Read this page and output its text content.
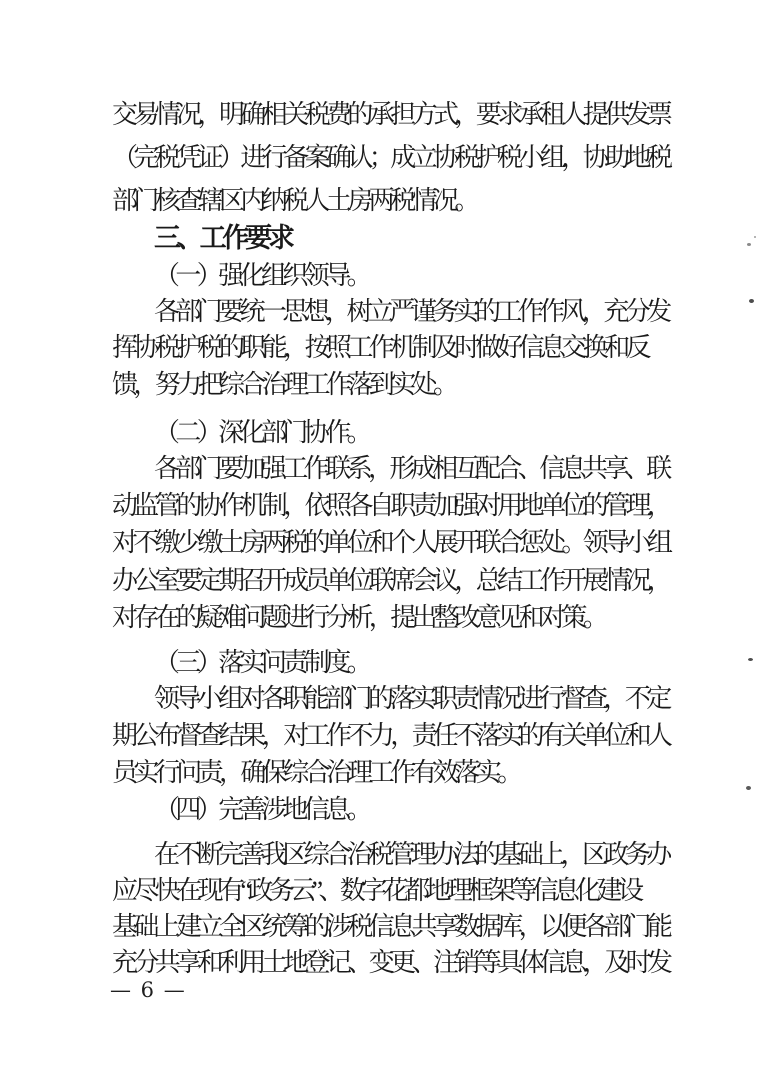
交易情况，明确相关税费的承担方式，要求承租人提供发票
（完税凭证）进行备案确认；成立协税护税小组，协助地税
部门核查辖区内纳税人土房两税情况。
三、工作要求
（一）强化组织领导。
各部门要统一思想，树立严谨务实的工作作风，充分发
挥协税护税的职能，按照工作机制及时做好信息交换和反
馈，努力把综合治理工作落到实处。
（二）深化部门协作。
各部门要加强工作联系，形成相互配合、信息共享、联
动监管的协作机制，依照各自职责加强对用地单位的管理，
对不缴少缴土房两税的单位和个人展开联合惩处。领导小组
办公室要定期召开成员单位联席会议，总结工作开展情况，
对存在的疑难问题进行分析，提出整改意见和对策。
（三）落实问责制度。
领导小组对各职能部门的落实职责情况进行督查，不定
期公布督查结果，对工作不力，责任不落实的有关单位和人
员实行问责，确保综合治理工作有效落实。
（四）完善涉地信息。
在不断完善我区综合治税管理办法的基础上，区政务办
应尽快在现有“政务云”、数字花都地理框架等信息化建设
基础上建立全区统筹的涉税信息共享数据库，以便各部门能
充分共享和利用土地登记、变更、注销等具体信息，及时发
— 6 —
